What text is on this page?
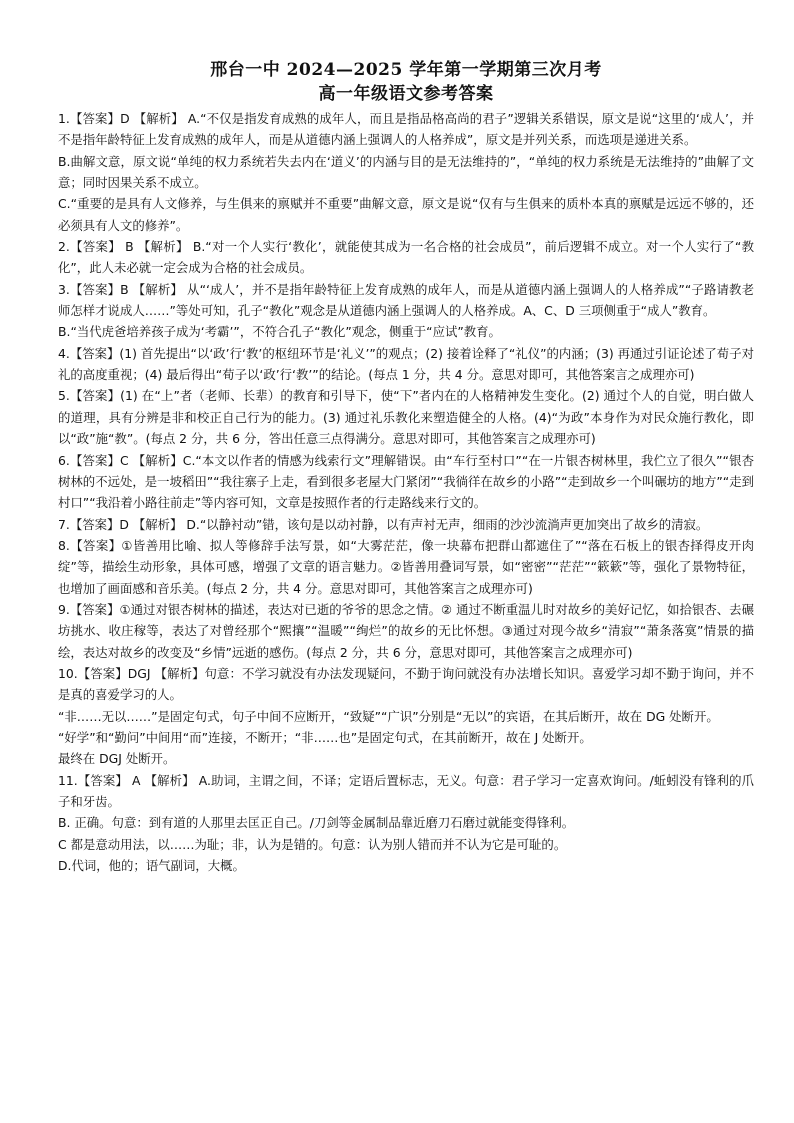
邢台一中 2024—2025 学年第一学期第三次月考
高一年级语文参考答案

1.【答案】D 【解析】 A.“不仅是指发育成熟的成年人，而且是指品格高尚的君子”逻辑关系错误，原文是说“这里的‘成人’，并不是指年龄特征上发育成熟的成年人，而是从道德内涵上强调人的人格养成”，原文是并列关系，而选项是递进关系。

B.曲解文意，原文说“单纯的权力系统若失去内在‘道义’的内涵与目的是无法维持的”，“单纯的权力系统是无法维持的”曲解了文意；同时因果关系不成立。

C.“重要的是具有人文修养，与生俱来的禀赋并不重要”曲解文意，原文是说“仅有与生俱来的质朴本真的禀赋是远远不够的，还必须具有人文的修养”。

2.【答案】 B 【解析】 B.“对一个人实行‘教化’，就能使其成为一名合格的社会成员”，前后逻辑不成立。对一个人实行了“教化”，此人未必就一定会成为合格的社会成员。

3.【答案】B 【解析】 从“‘成人’，并不是指年龄特征上发育成熟的成年人，而是从道德内涵上强调人的人格养成”“子路请教老师怎样才说成人……”等处可知，孔子“教化”观念是从道德内涵上强调人的人格养成。A、C、D 三项侧重于“成人”教育。

B.“当代虎爸培养孩子成为‘考霸’”，不符合孔子“教化”观念，侧重于“应试”教育。

4.【答案】(1) 首先提出“以‘政’行‘教’的枢纽环节是‘礼义’”的观点；(2) 接着诠释了“礼仪”的内涵；(3) 再通过引证论述了荀子对礼的高度重视；(4) 最后得出“荀子以‘政’行‘教’”的结论。(每点 1 分，共 4 分。意思对即可，其他答案言之成理亦可)

5.【答案】(1) 在“上”者（老师、长辈）的教育和引导下，使“下”者内在的人格精神发生变化。(2) 通过个人的自觉，明白做人的道理，具有分辨是非和校正自己行为的能力。(3) 通过礼乐教化来塑造健全的人格。(4)“为政”本身作为对民众施行教化，即以“政”施“教”。(每点 2 分，共 6 分，答出任意三点得满分。意思对即可，其他答案言之成理亦可)

6.【答案】C 【解析】C.“本文以作者的情感为线索行文”理解错误。由“车行至村口”“在一片银杏树林里，我伫立了很久”“银杏树林的不远处，是一坡稻田”“我往寨子上走，看到很多老屋大门紧闭”“我徜徉在故乡的小路”“走到故乡一个叫碾坊的地方”“走到村口”“我沿着小路往前走”等内容可知，文章是按照作者的行走路线来行文的。

7.【答案】D 【解析】 D.“以静衬动”错，该句是以动衬静，以有声衬无声，细雨的沙沙流淌声更加突出了故乡的清寂。

8.【答案】①皆善用比喻、拟人等修辞手法写景，如“大雾茫茫，像一块幕布把群山都遮住了”“落在石板上的银杏择得皮开肉绽”等，描绘生动形象，具体可感，增强了文章的语言魅力。②皆善用叠词写景，如“密密”“茫茫”“簌簌”等，强化了景物特征，也增加了画面感和音乐美。(每点 2 分，共 4 分。意思对即可，其他答案言之成理亦可)

9.【答案】①通过对银杏树林的描述，表达对已逝的爷爷的思念之情。② 通过不断重温儿时对故乡的美好记忆，如拾银杏、去碾坊挑水、收庄稼等，表达了对曾经那个“熙攘”“温暖”“绚烂”的故乡的无比怀想。③通过对现今故乡“清寂”“萧条落寞”情景的描绘，表达对故乡的改变及“乡情”远逝的感伤。(每点 2 分，共 6 分，意思对即可，其他答案言之成理亦可)

10.【答案】DGJ 【解析】句意：不学习就没有办法发现疑问，不勤于询问就没有办法增长知识。喜爱学习却不勤于询问，并不是真的喜爱学习的人。

“非……无以……”是固定句式，句子中间不应断开，“致疑”“广识”分别是“无以”的宾语，在其后断开，故在 DG 处断开。

“好学”和“勤问”中间用“而”连接，不断开；“非……也”是固定句式，在其前断开，故在 J 处断开。

最终在 DGJ 处断开。

11.【答案】 A 【解析】 A.助词，主谓之间，不译；定语后置标志，无义。句意：君子学习一定喜欢询问。/蚯蚓没有锋利的爪子和牙齿。

B. 正确。句意：到有道的人那里去匡正自己。/刀剑等金属制品靠近磨刀石磨过就能变得锋利。

C 都是意动用法，以……为耻；非，认为是错的。句意：认为别人错而并不认为它是可耻的。

D.代词，他的；语气副词，大概。
